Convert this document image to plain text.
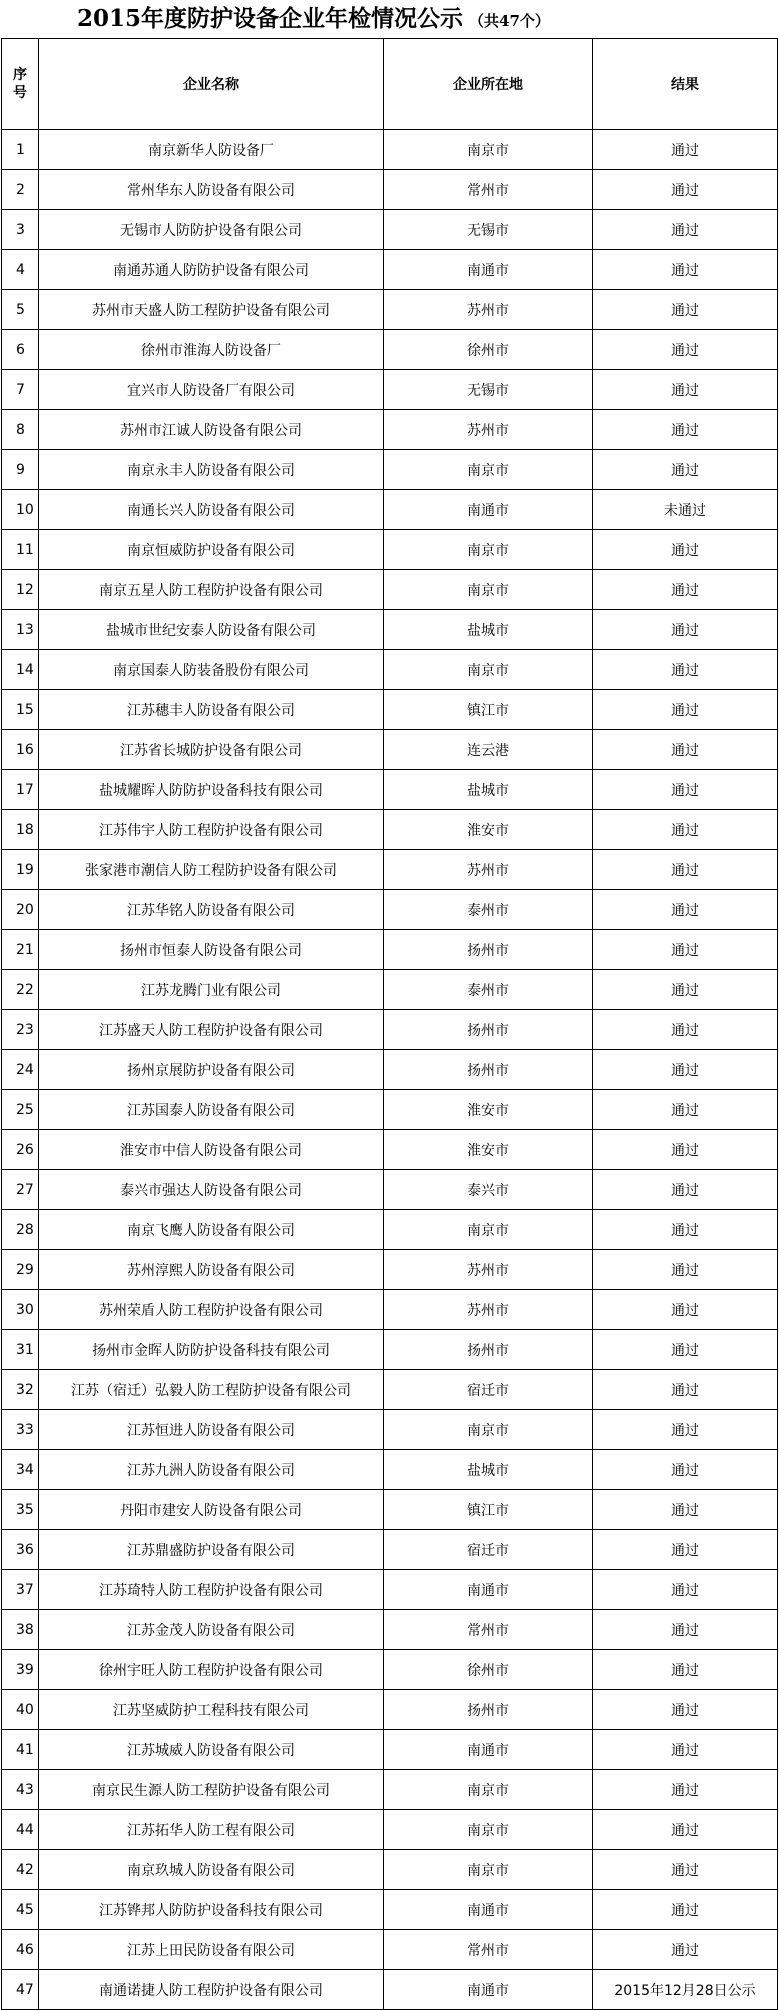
2015年度防护设备企业年检情况公示 （共47个）
序
号	企业名称	企业所在地	结果
1	南京新华人防设备厂	南京市	通过
2	常州华东人防设备有限公司	常州市	通过
3	无锡市人防防护设备有限公司	无锡市	通过
4	南通苏通人防防护设备有限公司	南通市	通过
5	苏州市天盛人防工程防护设备有限公司	苏州市	通过
6	徐州市淮海人防设备厂	徐州市	通过
7	宜兴市人防设备厂有限公司	无锡市	通过
8	苏州市江诚人防设备有限公司	苏州市	通过
9	南京永丰人防设备有限公司	南京市	通过
10	南通长兴人防设备有限公司	南通市	未通过
11	南京恒威防护设备有限公司	南京市	通过
12	南京五星人防工程防护设备有限公司	南京市	通过
13	盐城市世纪安泰人防设备有限公司	盐城市	通过
14	南京国泰人防装备股份有限公司	南京市	通过
15	江苏穗丰人防设备有限公司	镇江市	通过
16	江苏省长城防护设备有限公司	连云港	通过
17	盐城耀晖人防防护设备科技有限公司	盐城市	通过
18	江苏伟宇人防工程防护设备有限公司	淮安市	通过
19	张家港市潮信人防工程防护设备有限公司	苏州市	通过
20	江苏华铭人防设备有限公司	泰州市	通过
21	扬州市恒泰人防设备有限公司	扬州市	通过
22	江苏龙腾门业有限公司	泰州市	通过
23	江苏盛天人防工程防护设备有限公司	扬州市	通过
24	扬州京展防护设备有限公司	扬州市	通过
25	江苏国泰人防设备有限公司	淮安市	通过
26	淮安市中信人防设备有限公司	淮安市	通过
27	泰兴市强达人防设备有限公司	泰兴市	通过
28	南京飞鹰人防设备有限公司	南京市	通过
29	苏州淳熙人防设备有限公司	苏州市	通过
30	苏州荣盾人防工程防护设备有限公司	苏州市	通过
31	扬州市金晖人防防护设备科技有限公司	扬州市	通过
32	江苏（宿迁）弘毅人防工程防护设备有限公司	宿迁市	通过
33	江苏恒进人防设备有限公司	南京市	通过
34	江苏九洲人防设备有限公司	盐城市	通过
35	丹阳市建安人防设备有限公司	镇江市	通过
36	江苏鼎盛防护设备有限公司	宿迁市	通过
37	江苏琦特人防工程防护设备有限公司	南通市	通过
38	江苏金茂人防设备有限公司	常州市	通过
39	徐州宇旺人防工程防护设备有限公司	徐州市	通过
40	江苏坚威防护工程科技有限公司	扬州市	通过
41	江苏城威人防设备有限公司	南通市	通过
43	南京民生源人防工程防护设备有限公司	南京市	通过
44	江苏拓华人防工程有限公司	南京市	通过
42	南京玖城人防设备有限公司	南京市	通过
45	江苏铧邦人防防护设备科技有限公司	南通市	通过
46	江苏上田民防设备有限公司	常州市	通过
47	南通诺捷人防工程防护设备有限公司	南通市	2015年12月28日公示
